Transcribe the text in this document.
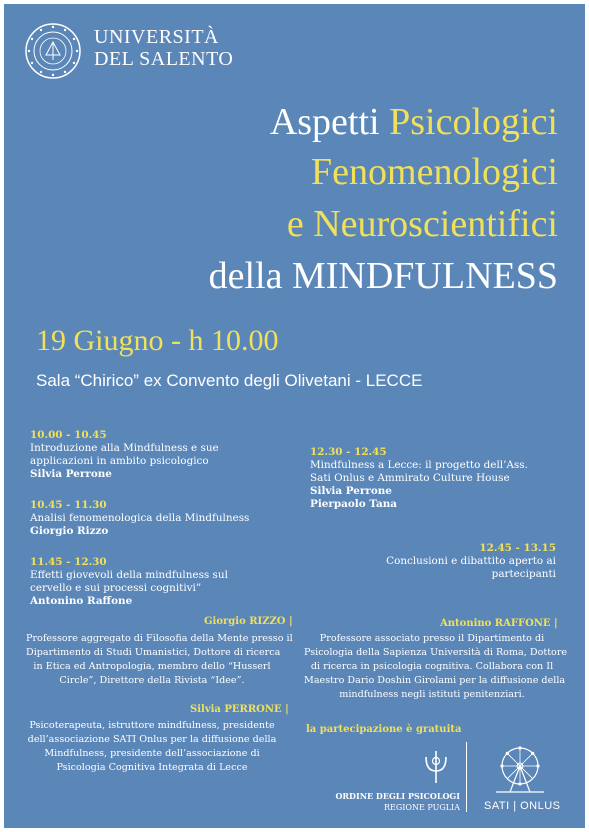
UNIVERSITÀ
DEL SALENTO
Aspetti Psicologici
Fenomenologici
e Neuroscientifici
della MINDFULNESS
19 Giugno - h 10.00
Sala “Chirico” ex Convento degli Olivetani - LECCE
10.00 - 10.45
Introduzione alla Mindfulness e sue
applicazioni in ambito psicologico
Silvia Perrone
10.45 - 11.30
Analisi fenomenologica della Mindfulness
Giorgio Rizzo
11.45 - 12.30
Effetti giovevoli della mindfulness sul
cervello e sui processi cognitivi”
Antonino Raffone
12.30 - 12.45
Mindfulness a Lecce: il progetto dell’Ass.
Sati Onlus e Ammirato Culture House
Silvia Perrone
Pierpaolo Tana
12.45 - 13.15
Conclusioni e dibattito aperto ai
partecipanti
Giorgio RIZZO |
Professore aggregato di Filosofia della Mente presso il
Dipartimento di Studi Umanistici, Dottore di ricerca
in Etica ed Antropologia, membro dello “Husserl
Circle”, Direttore della Rivista “Idee”.
Silvia PERRONE |
Psicoterapeuta, istruttore mindfulness, presidente
dell’associazione SATI Onlus per la diffusione della
Mindfulness, presidente dell’associazione di
Psicologia Cognitiva Integrata di Lecce
Antonino RAFFONE |
Professore associato presso il Dipartimento di
Psicologia della Sapienza Università di Roma, Dottore
di ricerca in psicologia cognitiva. Collabora con Il
Maestro Dario Doshin Girolami per la diffusione della
mindfulness negli istituti penitenziari.
la partecipazione è gratuita
ORDINE DEGLI PSICOLOGI
REGIONE PUGLIA SATI | ONLUS
